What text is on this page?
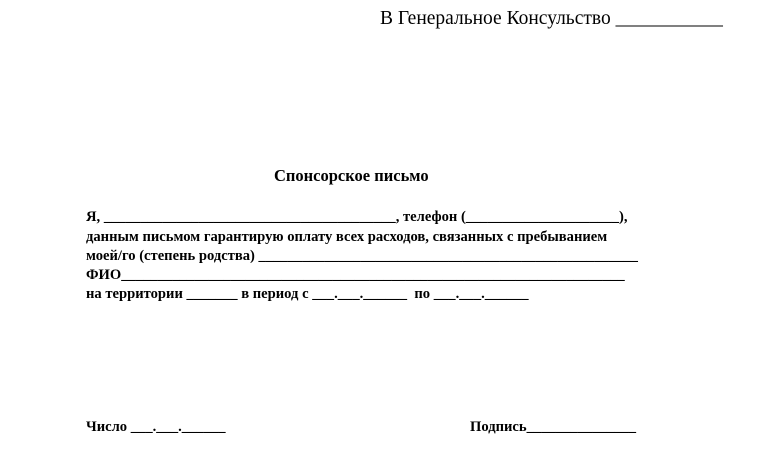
В Генеральное Консульство ___________
Спонсорское письмо
Я, ________________________________________, телефон (_____________________),
данным письмом гарантирую оплату всех расходов, связанных с пребыванием
моей/го (степень родства) ____________________________________________________
ФИО_____________________________________________________________________
на территории _______ в период с ___.___.______  по ___.___.______
Число ___.___.______	Подпись_______________
